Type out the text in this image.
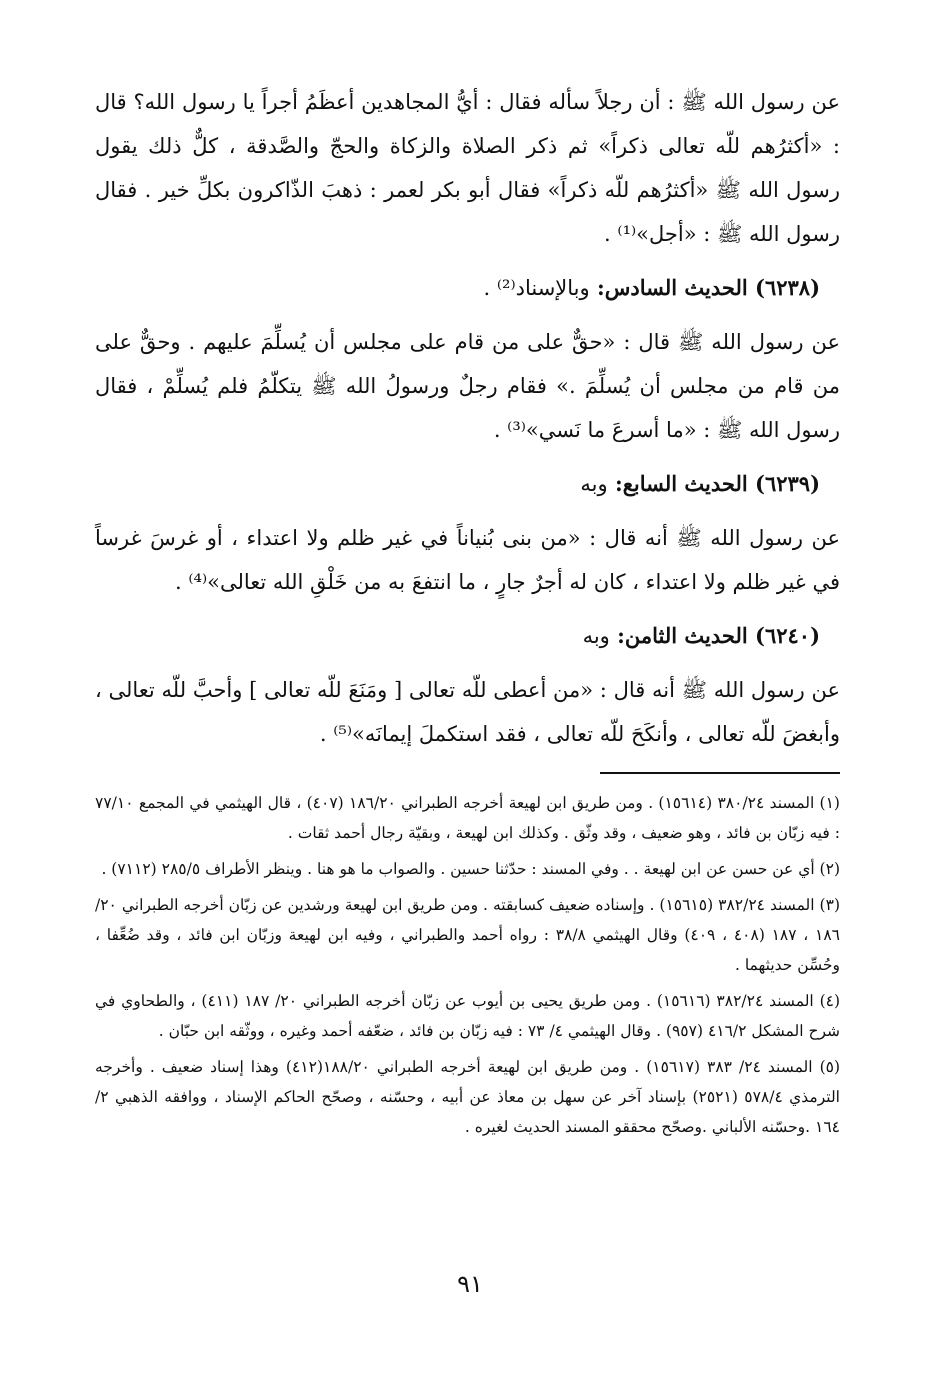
عن رسول الله ﷺ : أن رجلاً سأله فقال : أيُّ المجاهدين أعظَمُ أجراً يا رسول الله؟ قال : «أكثرُهم للّه تعالى ذكراً» ثم ذكر الصلاة والزكاة والحجّ والصَّدقة ، كلٌّ ذلك يقول رسول الله ﷺ «أكثرُهم للّه ذكراً» فقال أبو بكر لعمر : ذهبَ الذّاكرون بكلِّ خير . فقال رسول الله ﷺ : «أجل»⁽¹⁾ .

(٦٢٣٨) الحديث السادس: وبالإسناد⁽²⁾ .

عن رسول الله ﷺ قال : «حقٌّ على من قام على مجلس أن يُسلِّمَ عليهم . وحقٌّ على من قام من مجلس أن يُسلِّمَ .» فقام رجلٌ ورسولُ الله ﷺ يتكلّمُ فلم يُسلِّمْ ، فقال رسول الله ﷺ : «ما أسرعَ ما نَسي»⁽³⁾ .

(٦٢٣٩) الحديث السابع: وبه

عن رسول الله ﷺ أنه قال : «من بنى بُنياناً في غير ظلم ولا اعتداء ، أو غرسَ غرساً في غير ظلم ولا اعتداء ، كان له أجرٌ جارٍ ، ما انتفعَ به من خَلْقِ الله تعالى»⁽⁴⁾ .

(٦٢٤٠) الحديث الثامن: وبه

عن رسول الله ﷺ أنه قال : «من أعطى للّه تعالى [ ومَنَعَ للّه تعالى ] وأحبَّ للّه تعالى ، وأبغضَ للّه تعالى ، وأنكَحَ للّه تعالى ، فقد استكملَ إيمانَه»⁽⁵⁾ .

(١) المسند ٣٨٠/٢٤ (١٥٦١٤) . ومن طريق ابن لهيعة أخرجه الطبراني ١٨٦/٢٠ (٤٠٧) ، قال الهيثمي في المجمع ٧٧/١٠ : فيه زبّان بن فائد ، وهو ضعيف ، وقد وثّق . وكذلك ابن لهيعة ، وبقيّة رجال أحمد ثقات .

(٢) أي عن حسن عن ابن لهيعة . . وفي المسند : حدّثنا حسين . والصواب ما هو هنا . وينظر الأطراف ٢٨٥/٥ (٧١١٢) .

(٣) المسند ٣٨٢/٢٤ (١٥٦١٥) . وإسناده ضعيف كسابقته . ومن طريق ابن لهيعة ورشدين عن زبّان أخرجه الطبراني ٢٠/ ١٨٦ ، ١٨٧ (٤٠٨ ، ٤٠٩) وقال الهيثمي ٣٨/٨ : رواه أحمد والطبراني ، وفيه ابن لهيعة وزبّان ابن فائد ، وقد ضُعِّفا ، وحُسِّن حديثهما .

(٤) المسند ٣٨٢/٢٤ (١٥٦١٦) . ومن طريق يحيى بن أيوب عن زبّان أخرجه الطبراني ٢٠/ ١٨٧ (٤١١) ، والطحاوي في شرح المشكل ٤١٦/٢ (٩٥٧) . وقال الهيثمي ٤/ ٧٣ : فيه زبّان بن فائد ، ضعّفه أحمد وغيره ، ووثّقه ابن حبّان .

(٥) المسند ٢٤/ ٣٨٣ (١٥٦١٧) . ومن طريق ابن لهيعة أخرجه الطبراني ١٨٨/٢٠(٤١٢) وهذا إسناد ضعيف . وأخرجه الترمذي ٥٧٨/٤ (٢٥٢١) بإسناد آخر عن سهل بن معاذ عن أبيه ، وحسّنه ، وصحّح الحاكم الإسناد ، ووافقه الذهبي ٢/ ١٦٤ .وحسّنه الألباني .وصحّح محققو المسند الحديث لغيره .

٩١
